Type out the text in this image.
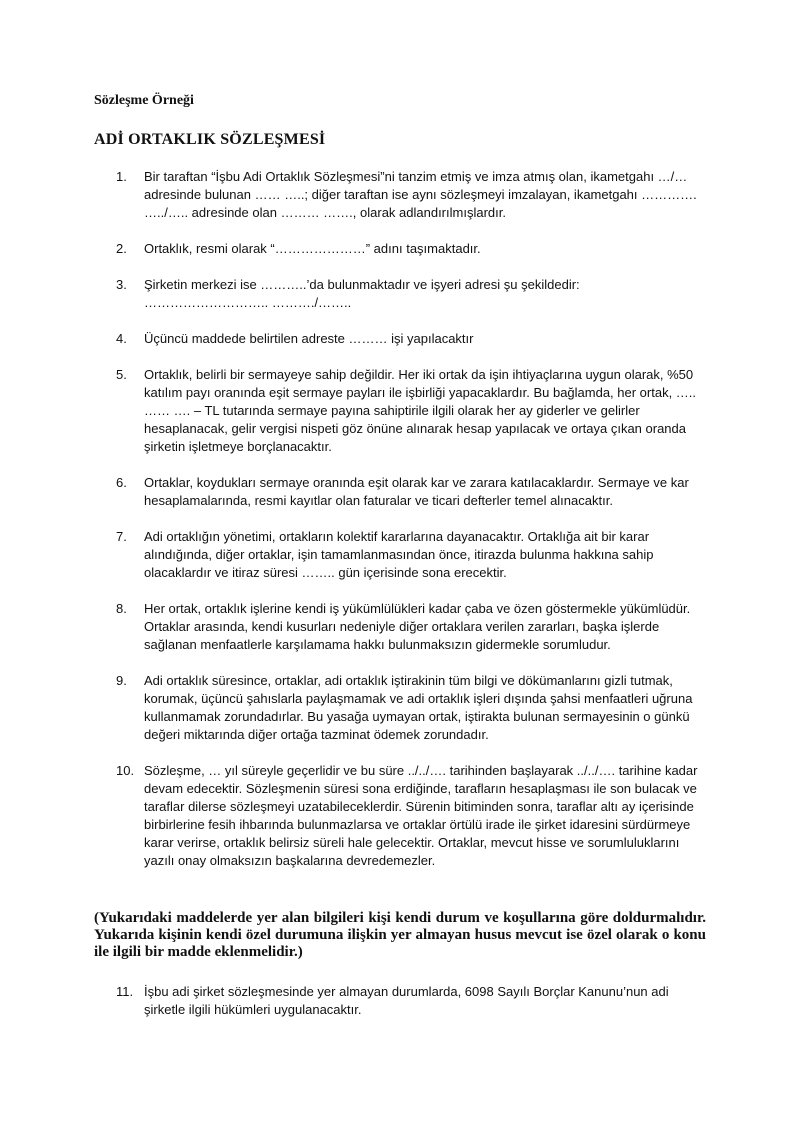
Sözleşme Örneği
ADİ ORTAKLIK SÖZLEŞMESİ
1.	Bir taraftan “İşbu Adi Ortaklık Sözleşmesi”ni tanzim etmiş ve imza atmış olan, ikametgahı …/… adresinde bulunan …… …..; diğer taraftan ise aynı sözleşmeyi imzalayan, ikametgahı …………. …../….. adresinde olan ……… ……., olarak adlandırılmışlardır.
2.	Ortaklık, resmi olarak “…………………” adını taşımaktadır.
3.	Şirketin merkezi ise ………..’da bulunmaktadır ve işyeri adresi şu şekildedir: ……………………….. ………./……..
4.	Üçüncü maddede belirtilen adreste ……… işi yapılacaktır
5.	Ortaklık, belirli bir sermayeye sahip değildir. Her iki ortak da işin ihtiyaçlarına uygun olarak, %50 katılım payı oranında eşit sermaye payları ile işbirliği yapacaklardır. Bu bağlamda, her ortak, ….. …… …. – TL tutarında sermaye payına sahiptirile ilgili olarak her ay giderler ve gelirler hesaplanacak, gelir vergisi nispeti göz önüne alınarak hesap yapılacak ve ortaya çıkan oranda şirketin işletmeye borçlanacaktır.
6.	Ortaklar, koydukları sermaye oranında eşit olarak kar ve zarara katılacaklardır. Sermaye ve kar hesaplamalarında, resmi kayıtlar olan faturalar ve ticari defterler temel alınacaktır.
7.	Adi ortaklığın yönetimi, ortakların kolektif kararlarına dayanacaktır. Ortaklığa ait bir karar alındığında, diğer ortaklar, işin tamamlanmasından önce, itirazda bulunma hakkına sahip olacaklardır ve itiraz süresi …….. gün içerisinde sona erecektir.
8.	Her ortak, ortaklık işlerine kendi iş yükümlülükleri kadar çaba ve özen göstermekle yükümlüdür. Ortaklar arasında, kendi kusurları nedeniyle diğer ortaklara verilen zararları, başka işlerde sağlanan menfaatlerle karşılamama hakkı bulunmaksızın gidermekle sorumludur.
9.	Adi ortaklık süresince, ortaklar, adi ortaklık iştirakinin tüm bilgi ve dökümanlarını gizli tutmak, korumak, üçüncü şahıslarla paylaşmamak ve adi ortaklık işleri dışında şahsi menfaatleri uğruna kullanmamak zorundadırlar. Bu yasağa uymayan ortak, iştirakta bulunan sermayesinin o günkü değeri miktarında diğer ortağa tazminat ödemek zorundadır.
10. Sözleşme, … yıl süreyle geçerlidir ve bu süre ../../…. tarihinden başlayarak ../../…. tarihine kadar devam edecektir. Sözleşmenin süresi sona erdiğinde, tarafların hesaplaşması ile son bulacak ve taraflar dilerse sözleşmeyi uzatabileceklerdir. Sürenin bitiminden sonra, taraflar altı ay içerisinde birbirlerine fesih ihbarında bulunmazlarsa ve ortaklar örtülü irade ile şirket idaresini sürdürmeye karar verirse, ortaklık belirsiz süreli hale gelecektir. Ortaklar, mevcut hisse ve sorumluluklarını yazılı onay olmaksızın başkalarına devredemezler.
(Yukarıdaki maddelerde yer alan bilgileri kişi kendi durum ve koşullarına göre doldurmalıdır. Yukarıda kişinin kendi özel durumuna ilişkin yer almayan husus mevcut ise özel olarak o konu ile ilgili bir madde eklenmelidir.)
11. İşbu adi şirket sözleşmesinde yer almayan durumlarda, 6098 Sayılı Borçlar Kanunu’nun adi şirketle ilgili hükümleri uygulanacaktır.
